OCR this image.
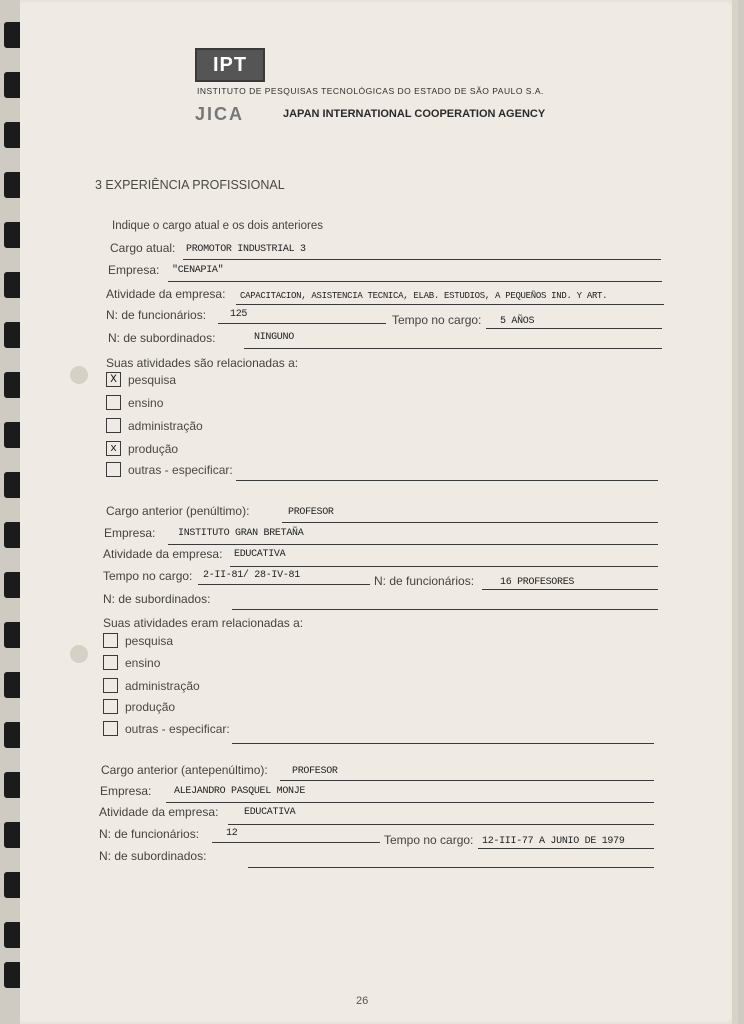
IPT
INSTITUTO DE PESQUISAS TECNOLÓGICAS DO ESTADO DE SÃO PAULO S.A.
JICA	JAPAN INTERNATIONAL COOPERATION AGENCY
3 EXPERIÊNCIA PROFISSIONAL
Indique o cargo atual e os dois anteriores
Cargo atual: PROMOTOR INDUSTRIAL 3
Empresa: "CENAPIA"
Atividade da empresa: CAPACITACION, ASISTENCIA TECNICA, ELAB. ESTUDIOS, A PEQUEÑOS IND. Y ART.
N: de funcionários: 125	Tempo no cargo: 5 AÑOS
N: de subordinados:	NINGUNO
Suas atividades são relacionadas a:
X pesquisa
ensino
administração
x produção
outras - especificar:
Cargo anterior (penúltimo):	PROFESOR
Empresa: INSTITUTO GRAN BRETAÑA
Atividade da empresa: EDUCATIVA
Tempo no cargo: 2-II-81/ 28-IV-81	N: de funcionários:	16 PROFESORES
N: de subordinados:
Suas atividades eram relacionadas a:
pesquisa
ensino
administração
produção
outras - especificar:
Cargo anterior (antepenúltimo): PROFESOR
Empresa: ALEJANDRO PASQUEL MONJE
Atividade da empresa:	EDUCATIVA
N: de funcionários:	12	Tempo no cargo: 12-III-77 A JUNIO DE 1979
N: de subordinados:
26
